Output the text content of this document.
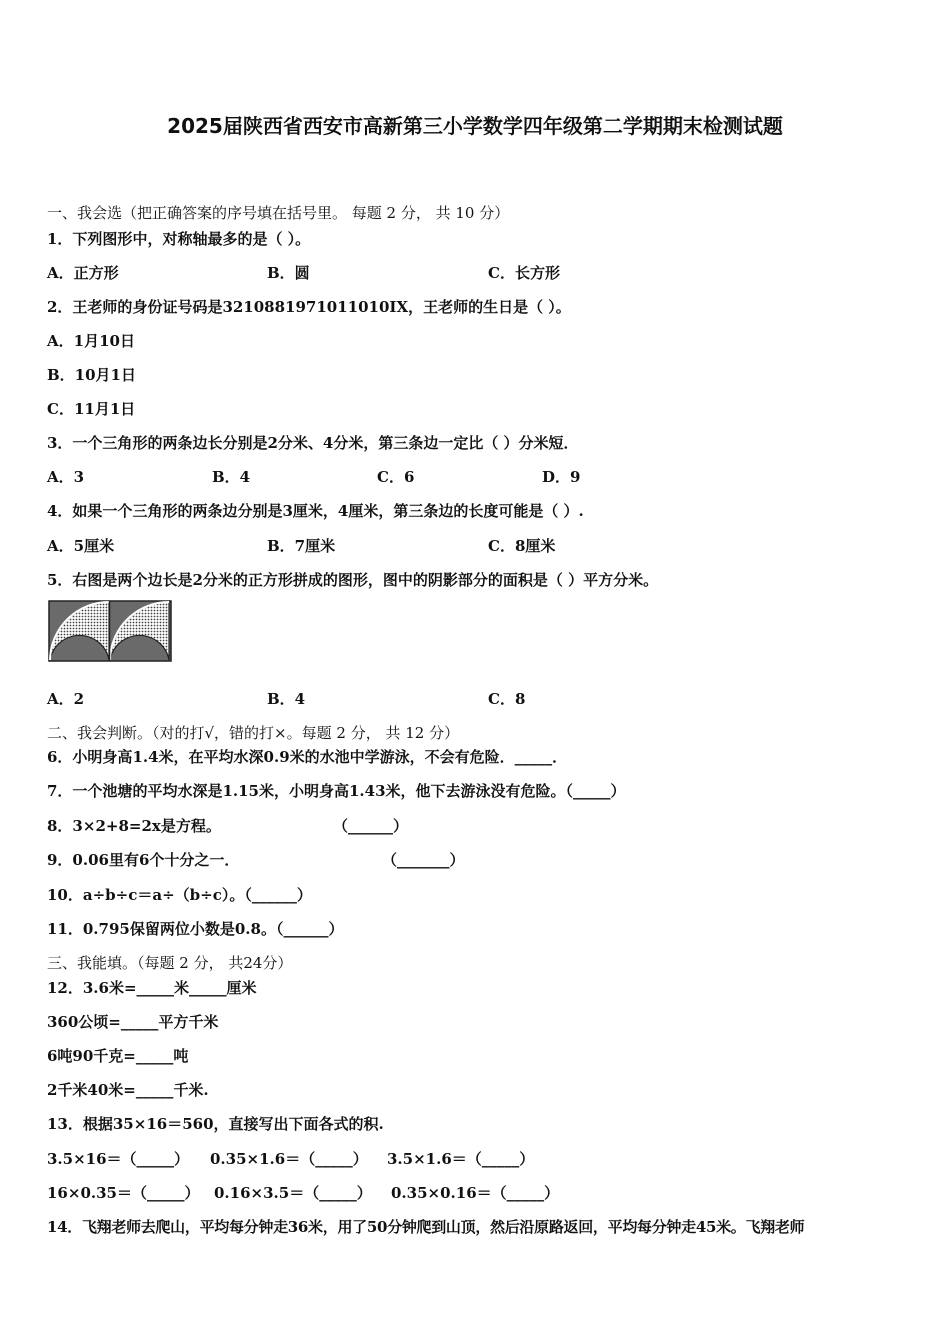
2025届陕西省西安市高新第三小学数学四年级第二学期期末检测试题
一、我会选（把正确答案的序号填在括号里。 每题 2 分， 共 10 分）
1．下列图形中，对称轴最多的是（ ）。
A．正方形	B．圆	C．长方形
2．王老师的身份证号码是3210881971011010IX，王老师的生日是（ ）。
A．1月10日
B．10月1日
C．11月1日
3．一个三角形的两条边长分别是2分米、4分米，第三条边一定比（ ）分米短．
A．3	B．4	C．6	D．9
4．如果一个三角形的两条边分别是3厘米，4厘米，第三条边的长度可能是（ ）.
A．5厘米	B．7厘米	C．8厘米
5．右图是两个边长是2分米的正方形拼成的图形，图中的阴影部分的面积是（ ）平方分米。
A．2	B．4	C．8
二、我会判断。（对的打√，错的打×。每题 2 分， 共 12 分）
6．小明身高1.4米，在平均水深0.9米的水池中学游泳，不会有危险．_____．
7．一个池塘的平均水深是1.15米，小明身高1.43米，他下去游泳没有危险。（_____）
8．3×2+8=2x是方程。	（______）
9．0.06里有6个十分之一．	（_______）
10．a÷b÷c＝a÷（b÷c）。（______）
11．0.795保留两位小数是0.8。（______）
三、我能填。（每题 2 分， 共24分）
12．3.6米=_____米_____厘米
360公顷=_____平方千米
6吨90千克=_____吨
2千米40米=_____千米.
13．根据35×16＝560，直接写出下面各式的积.
3.5×16＝（_____） 0.35×1.6＝（_____） 3.5×1.6＝（_____）
16×0.35＝（_____） 0.16×3.5＝（_____） 0.35×0.16＝（_____）
14．飞翔老师去爬山，平均每分钟走36米，用了50分钟爬到山顶，然后沿原路返回，平均每分钟走45米。飞翔老师
